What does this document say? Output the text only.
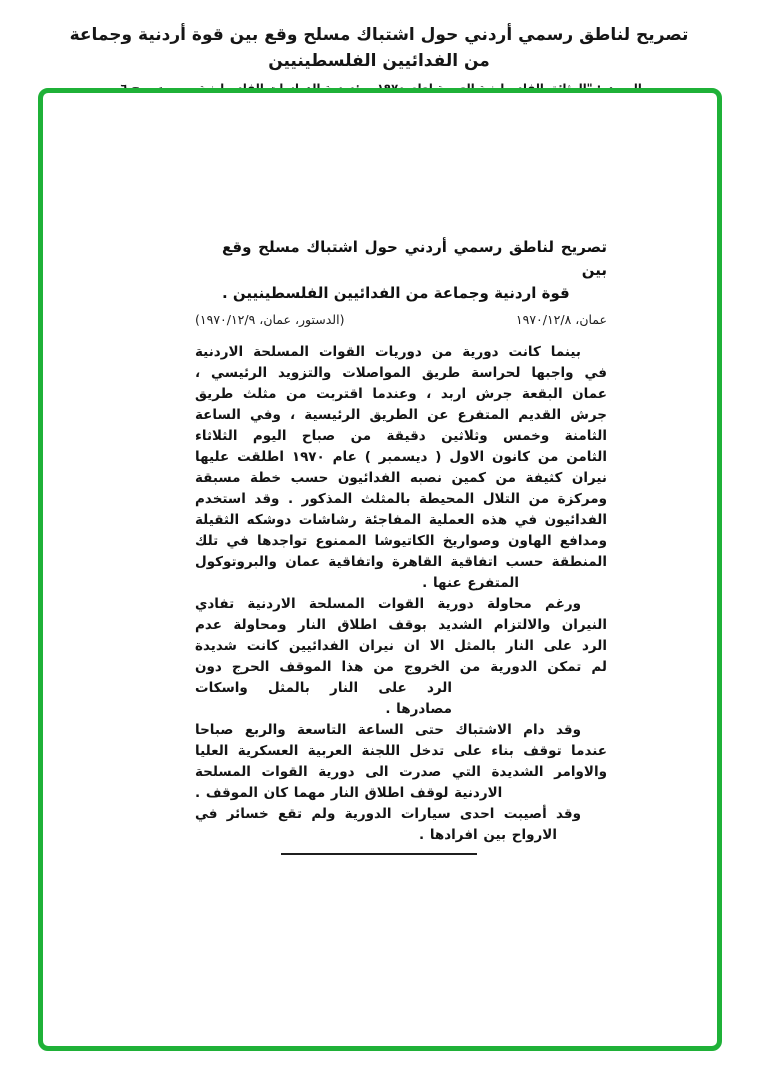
تصريح لناطق رسمي أردني حول اشتباك مسلح وقع بين قوة أردنية وجماعة من الفدائيين الفلسطينيين
تصريح لناطق رسمي أردني حول اشتباك مسلح وقع بين
قوة اردنية وجماعة من الفدائيين الفلسطينيين .
عمان، ١٩٧٠/١٢/٨
(الدستور، عمان، ١٩٧٠/١٢/٩)
بينما كانت دورية من دوريات القوات المسلحة الاردنية
في واجبها لحراسة طريق المواصلات والتزويد الرئيسي ،
عمان البقعة جرش اربد ، وعندما اقتربت من مثلث طريق
جرش القديم المتفرع عن الطريق الرئيسية ، وفي الساعة
الثامنة وخمس وثلاثين دقيقة من صباح اليوم الثلاثاء
الثامن من كانون الاول ( ديسمبر ) عام ١٩٧٠ اطلقت عليها
نيران كثيفة من كمين نصبه الفدائيون حسب خطة مسبقة
ومركزة من التلال المحيطة بالمثلث المذكور . وقد استخدم
الفدائيون في هذه العملية المفاجئة رشاشات دوشكه الثقيلة
ومدافع الهاون وصواريخ الكاتيوشا الممنوع تواجدها في تلك
المنطقة حسب اتفاقية القاهرة واتفاقية عمان والبروتوكول
المتفرع عنها .
ورغم محاولة دورية القوات المسلحة الاردنية تفادي
النيران والالتزام الشديد بوقف اطلاق النار ومحاولة عدم
الرد على النار بالمثل الا ان نيران الفدائيين كانت شديدة
لم تمكن الدورية من الخروج من هذا الموقف الحرج دون
الرد على النار بالمثل واسكات مصادرها .
وقد دام الاشتباك حتى الساعة التاسعة والربع صباحا
عندما توقف بناء على تدخل اللجنة العربية العسكرية العليا
والاوامر الشديدة التي صدرت الى دورية القوات المسلحة
الاردنية لوقف اطلاق النار مهما كان الموقف .
وقد أصيبت احدى سيارات الدورية ولم تقع خسائر في
الارواح بين افرادها .
